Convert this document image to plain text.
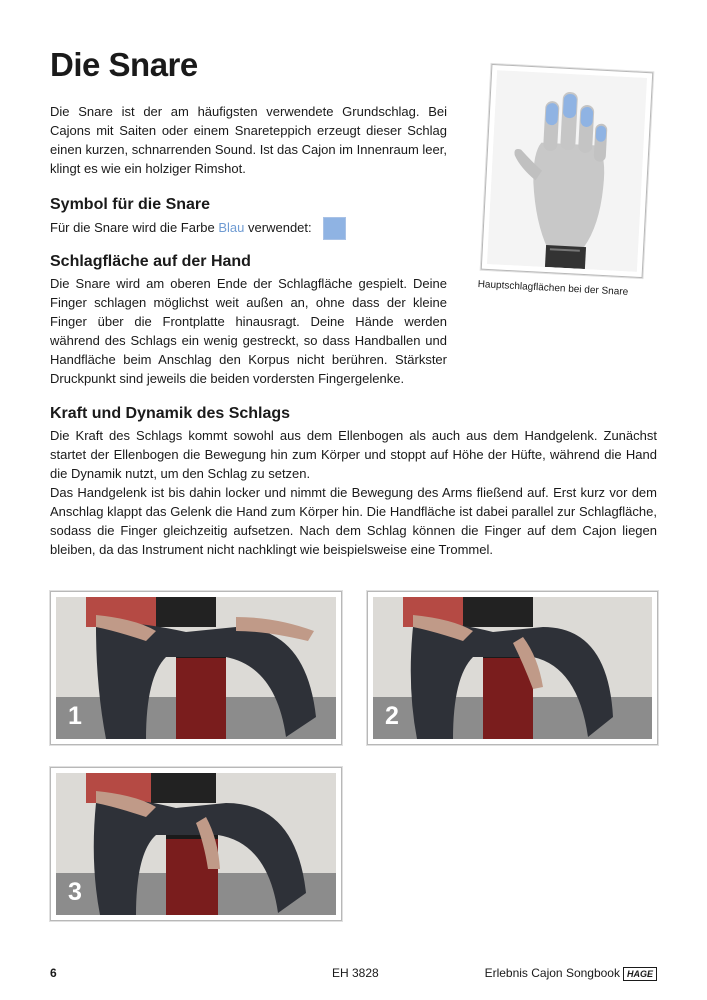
Die Snare

Die Snare ist der am häufigsten verwendete Grundschlag. Bei Cajons mit Saiten oder einem Snareteppich erzeugt dieser Schlag einen kurzen, schnarrenden Sound. Ist das Cajon im Innenraum leer, klingt es wie ein holziger Rimshot.

Symbol für die Snare
Für die Snare wird die Farbe Blau verwendet:
Schlagfläche auf der Hand

Die Snare wird am oberen Ende der Schlagfläche gespielt. Deine Finger schlagen möglichst weit außen an, ohne dass der kleine Finger über die Frontplatte hinausragt. Deine Hände werden während des Schlags ein wenig gestreckt, so dass Handballen und Handfläche beim Anschlag den Korpus nicht berühren. Stärkster Druckpunkt sind jeweils die beiden vordersten Fingergelenke.

Hauptschlagflächen bei der Snare
Kraft und Dynamik des Schlags

Die Kraft des Schlags kommt sowohl aus dem Ellenbogen als auch aus dem Handgelenk. Zunächst startet der Ellenbogen die Bewegung hin zum Körper und stoppt auf Höhe der Hüfte, während die Hand die Dynamik nutzt, um den Schlag zu setzen.

Das Handgelenk ist bis dahin locker und nimmt die Bewegung des Arms fließend auf. Erst kurz vor dem Anschlag klappt das Gelenk die Hand zum Körper hin. Die Handfläche ist dabei parallel zur Schlagfläche, sodass die Finger gleichzeitig aufsetzen. Nach dem Schlag können die Finger auf dem Cajon liegen bleiben, da das Instrument nicht nachklingt wie beispielsweise eine Trommel.

1	2
3
6	EH 3828	Erlebnis Cajon Songbook HAGE
